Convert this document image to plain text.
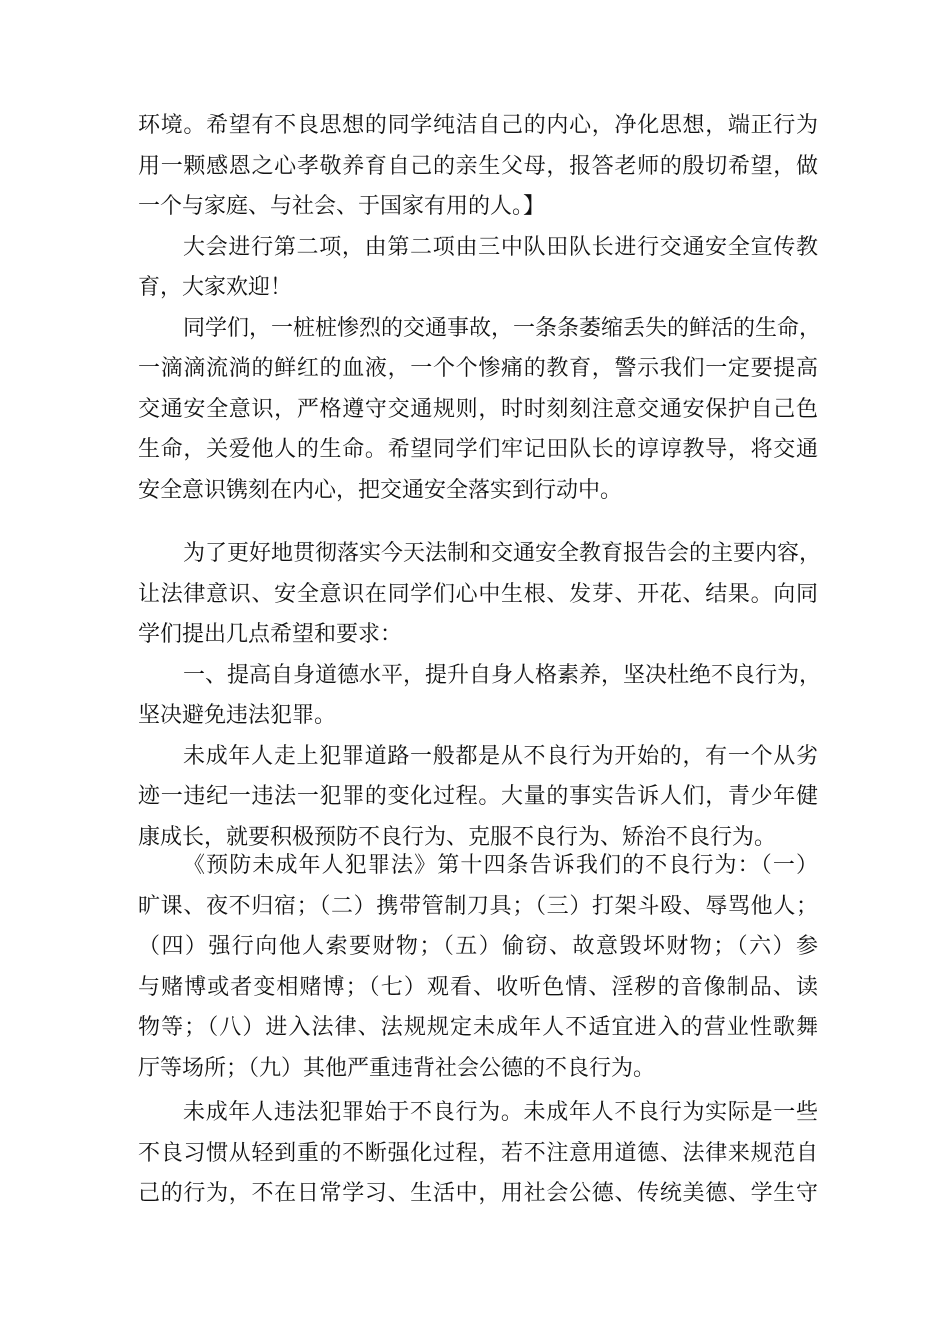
环境。希望有不良思想的同学纯洁自己的内心，净化思想，端正行为
用一颗感恩之心孝敬养育自己的亲生父母，报答老师的殷切希望，做
一个与家庭、与社会、于国家有用的人。】
大会进行第二项，由第二项由三中队田队长进行交通安全宣传教
育，大家欢迎！
同学们，一桩桩惨烈的交通事故，一条条萎缩丢失的鲜活的生命，
一滴滴流淌的鲜红的血液，一个个惨痛的教育，警示我们一定要提高
交通安全意识，严格遵守交通规则，时时刻刻注意交通安保护自己色
生命，关爱他人的生命。希望同学们牢记田队长的谆谆教导，将交通
安全意识镌刻在内心，把交通安全落实到行动中。
为了更好地贯彻落实今天法制和交通安全教育报告会的主要内容，
让法律意识、安全意识在同学们心中生根、发芽、开花、结果。向同
学们提出几点希望和要求：
一、提高自身道德水平，提升自身人格素养，坚决杜绝不良行为，
坚决避免违法犯罪。
未成年人走上犯罪道路一般都是从不良行为开始的，有一个从劣
迹一违纪一违法一犯罪的变化过程。大量的事实告诉人们，青少年健
康成长，就要积极预防不良行为、克服不良行为、矫治不良行为。
《预防未成年人犯罪法》第十四条告诉我们的不良行为：（一）
旷课、夜不归宿；（二）携带管制刀具；（三）打架斗殴、辱骂他人；
（四）强行向他人索要财物；（五）偷窃、故意毁坏财物；（六）参
与赌博或者变相赌博；（七）观看、收听色情、淫秽的音像制品、读
物等；（八）进入法律、法规规定未成年人不适宜进入的营业性歌舞
厅等场所；（九）其他严重违背社会公德的不良行为。
未成年人违法犯罪始于不良行为。未成年人不良行为实际是一些
不良习惯从轻到重的不断强化过程，若不注意用道德、法律来规范自
己的行为，不在日常学习、生活中，用社会公德、传统美德、学生守
